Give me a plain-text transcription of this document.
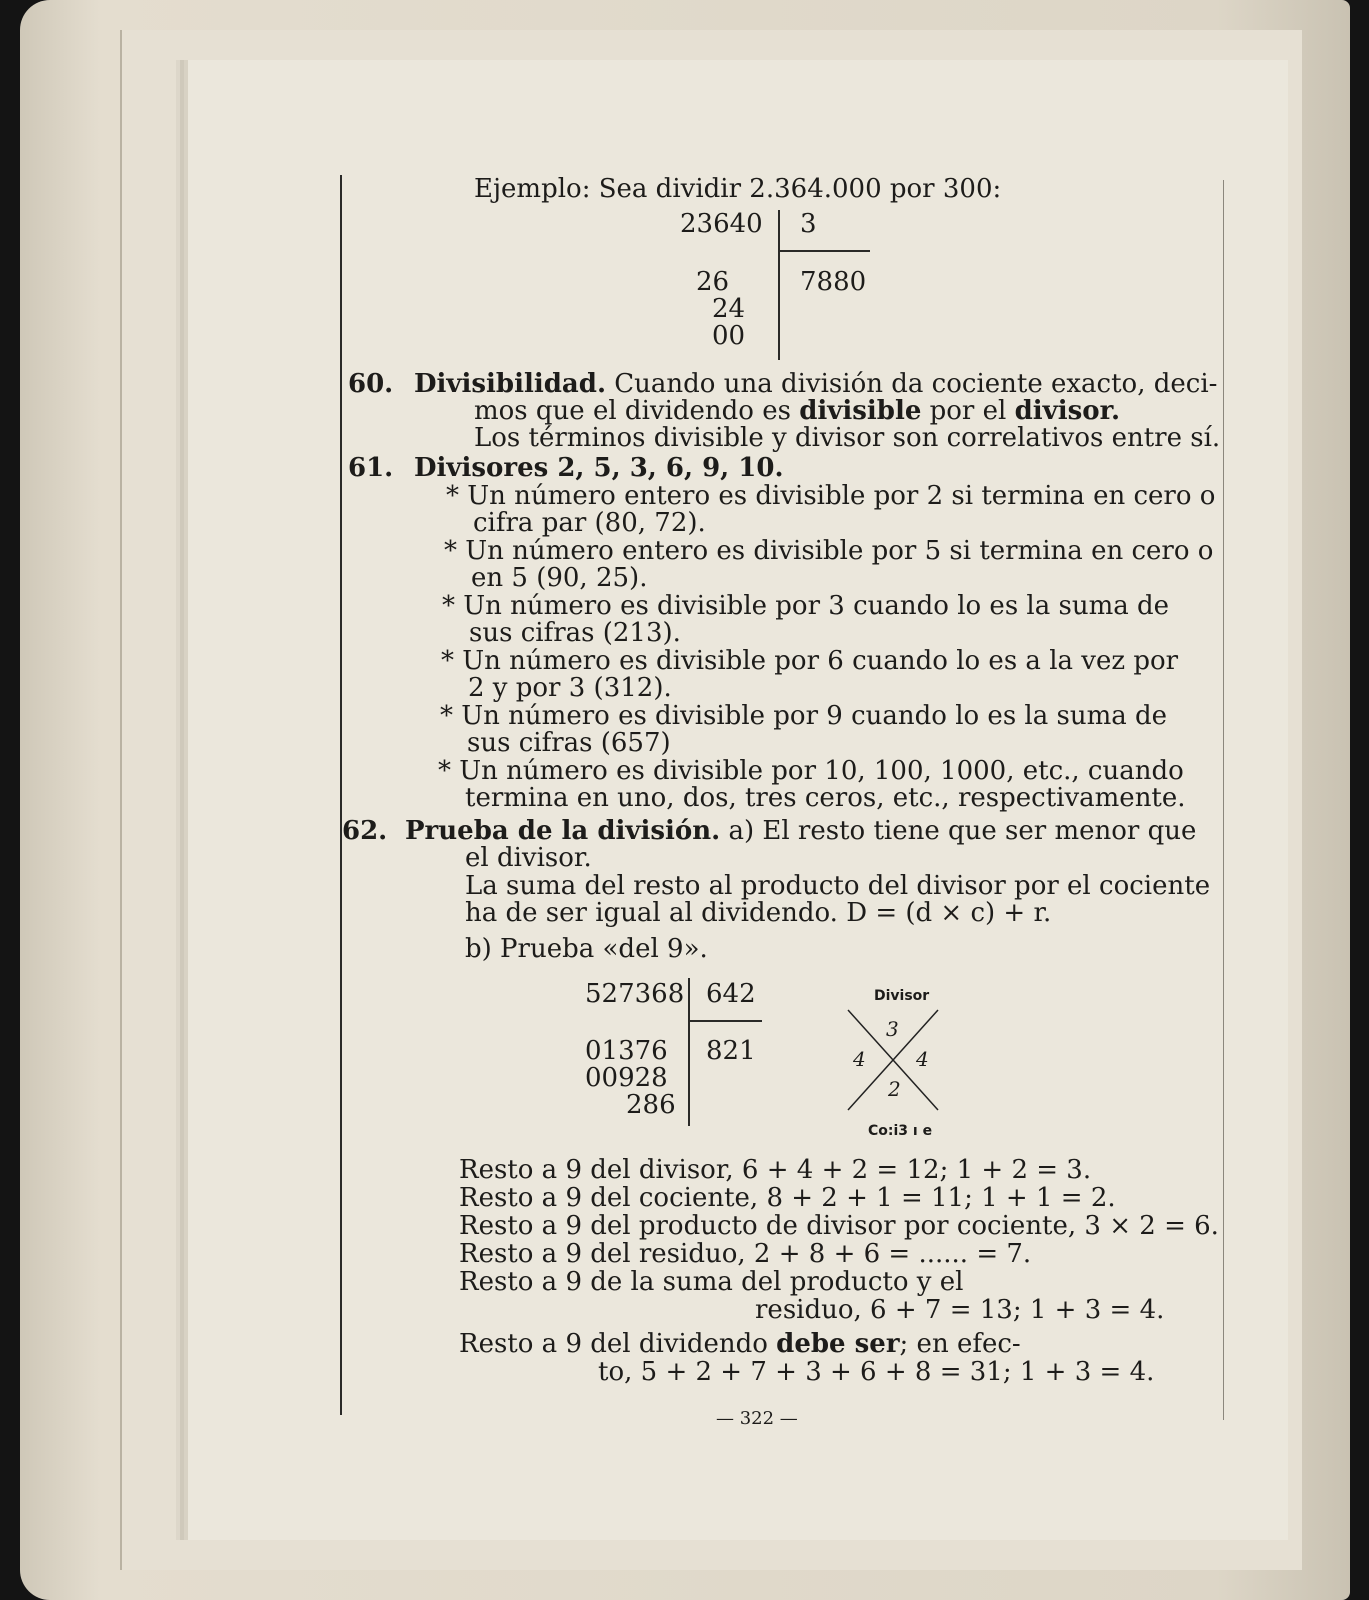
Ejemplo: Sea dividir 2.364.000 por 300:
23640 3
7880
26
24
00
60. Divisibilidad. Cuando una división da cociente exacto, deci-
mos que el dividendo es divisible por el divisor.
Los términos divisible y divisor son correlativos entre sí.
61. Divisores 2, 5, 3, 6, 9, 10.
* Un número entero es divisible por 2 si termina en cero o
cifra par (80, 72).
* Un número entero es divisible por 5 si termina en cero o
en 5 (90, 25).
* Un número es divisible por 3 cuando lo es la suma de
sus cifras (213).
* Un número es divisible por 6 cuando lo es a la vez por
2 y por 3 (312).
* Un número es divisible por 9 cuando lo es la suma de
sus cifras (657)
* Un número es divisible por 10, 100, 1000, etc., cuando
termina en uno, dos, tres ceros, etc., respectivamente.
62. Prueba de la división. a) El resto tiene que ser menor que
el divisor.
La suma del resto al producto del divisor por el cociente
ha de ser igual al dividendo. D = (d × c) + r.
b) Prueba «del 9».
527368 642
821
01376
00928
286
Divisor
3
4	4
2
Co:i3 ı e
Resto a 9 del divisor, 6 + 4 + 2 = 12; 1 + 2 = 3.
Resto a 9 del cociente, 8 + 2 + 1 = 11; 1 + 1 = 2.
Resto a 9 del producto de divisor por cociente, 3 × 2 = 6.
Resto a 9 del residuo, 2 + 8 + 6 = ...... = 7.
Resto a 9 de la suma del producto y el
residuo, 6 + 7 = 13; 1 + 3 = 4.
Resto a 9 del dividendo debe ser; en efec-
to, 5 + 2 + 7 + 3 + 6 + 8 = 31; 1 + 3 = 4.
— 322 —
